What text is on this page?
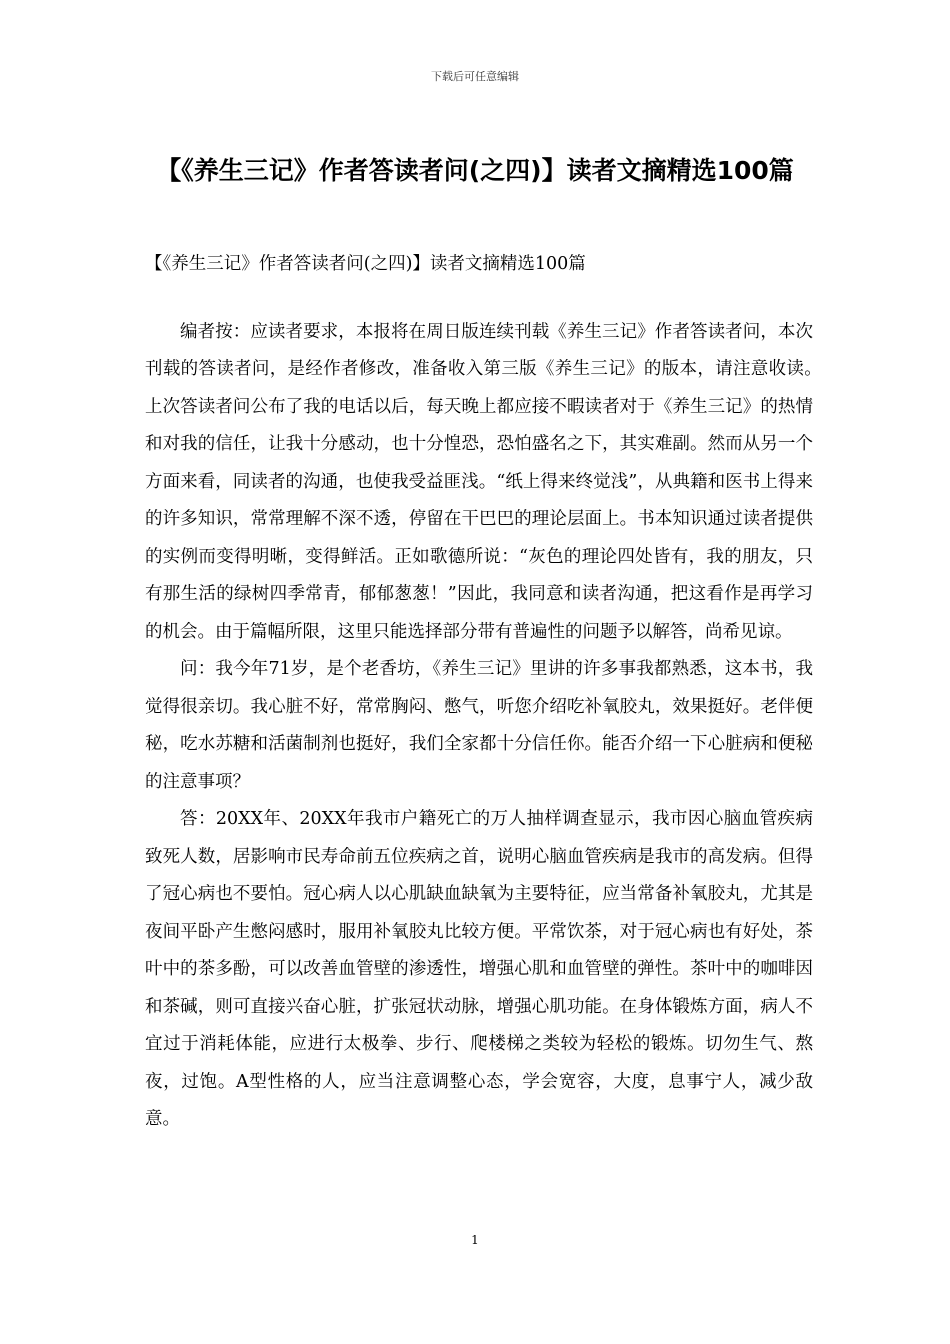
下载后可任意编辑
【《养生三记》作者答读者问(之四)】读者文摘精选100篇

【《养生三记》作者答读者问(之四)】读者文摘精选100篇

编者按：应读者要求，本报将在周日版连续刊载《养生三记》作者答读者问，本次刊载的答读者问，是经作者修改，准备收入第三版《养生三记》的版本，请注意收读。　　上次答读者问公布了我的电话以后，每天晚上都应接不暇读者对于《养生三记》的热情和对我的信任，让我十分感动，也十分惶恐，恐怕盛名之下，其实难副。然而从另一个方面来看，同读者的沟通，也使我受益匪浅。“纸上得来终觉浅”，从典籍和医书上得来的许多知识，常常理解不深不透，停留在干巴巴的理论层面上。书本知识通过读者提供的实例而变得明晰，变得鲜活。正如歌德所说：“灰色的理论四处皆有，我的朋友，只有那生活的绿树四季常青，郁郁葱葱！”因此，我同意和读者沟通，把这看作是再学习的机会。由于篇幅所限，这里只能选择部分带有普遍性的问题予以解答，尚希见谅。

问：我今年71岁，是个老香坊，《养生三记》里讲的许多事我都熟悉，这本书，我觉得很亲切。我心脏不好，常常胸闷、憋气，听您介绍吃补氧胶丸，效果挺好。老伴便秘，吃水苏糖和活菌制剂也挺好，我们全家都十分信任你。能否介绍一下心脏病和便秘的注意事项？

答：20XX年、20XX年我市户籍死亡的万人抽样调查显示，我市因心脑血管疾病致死人数，居影响市民寿命前五位疾病之首，说明心脑血管疾病是我市的高发病。但得了冠心病也不要怕。冠心病人以心肌缺血缺氧为主要特征，应当常备补氧胶丸，尤其是夜间平卧产生憋闷感时，服用补氧胶丸比较方便。平常饮茶，对于冠心病也有好处，茶叶中的茶多酚，可以改善血管壁的渗透性，增强心肌和血管壁的弹性。茶叶中的咖啡因和茶碱，则可直接兴奋心脏，扩张冠状动脉，增强心肌功能。在身体锻炼方面，病人不宜过于消耗体能，应进行太极拳、步行、爬楼梯之类较为轻松的锻炼。切勿生气、熬夜，过饱。A型性格的人，应当注意调整心态，学会宽容，大度，息事宁人，减少敌意。

1
